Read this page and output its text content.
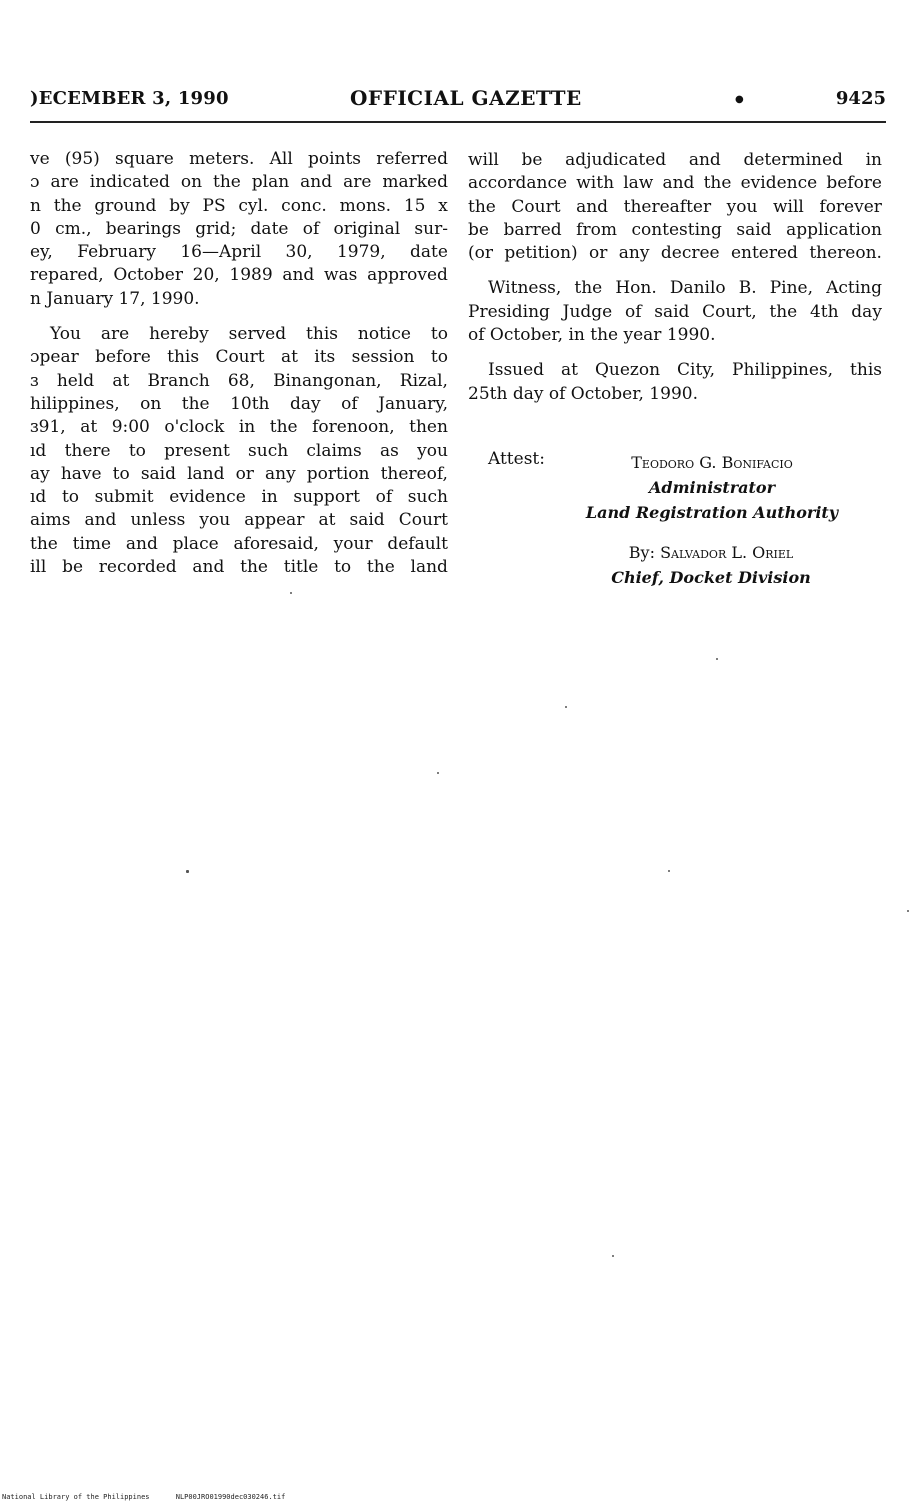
)ECEMBER 3, 1990	OFFICIAL GAZETTE	●	9425
ve (95) square meters. All points referred
ɔ are indicated on the plan and are marked
n the ground by PS cyl. conc. mons. 15 x
0 cm., bearings grid; date of original sur-
ey, February 16—April 30, 1979, date
repared, October 20, 1989 and was approved
n January 17, 1990.
You are hereby served this notice to
ɔpear before this Court at its session to
ɜ held at Branch 68, Binangonan, Rizal,
hilippines, on the 10th day of January,
ɜ91, at 9:00 o'clock in the forenoon, then
ıd there to present such claims as you
ay have to said land or any portion thereof,
ıd to submit evidence in support of such
aims and unless you appear at said Court
the time and place aforesaid, your default
ill be recorded and the title to the land
will be adjudicated and determined in
accordance with law and the evidence before
the Court and thereafter you will forever
be barred from contesting said application
(or petition) or any decree entered thereon.
Witness, the Hon. Danilo B. Pine, Acting
Presiding Judge of said Court, the 4th day
of October, in the year 1990.
Issued at Quezon City, Philippines, this
25th day of October, 1990.
Attest:	Teodoro G. Bonifacio
Administrator
Land Registration Authority
By: Salvador L. Oriel
Chief, Docket Division
National Library of the Philippines	NLP00JRO01990dec030246.tif
